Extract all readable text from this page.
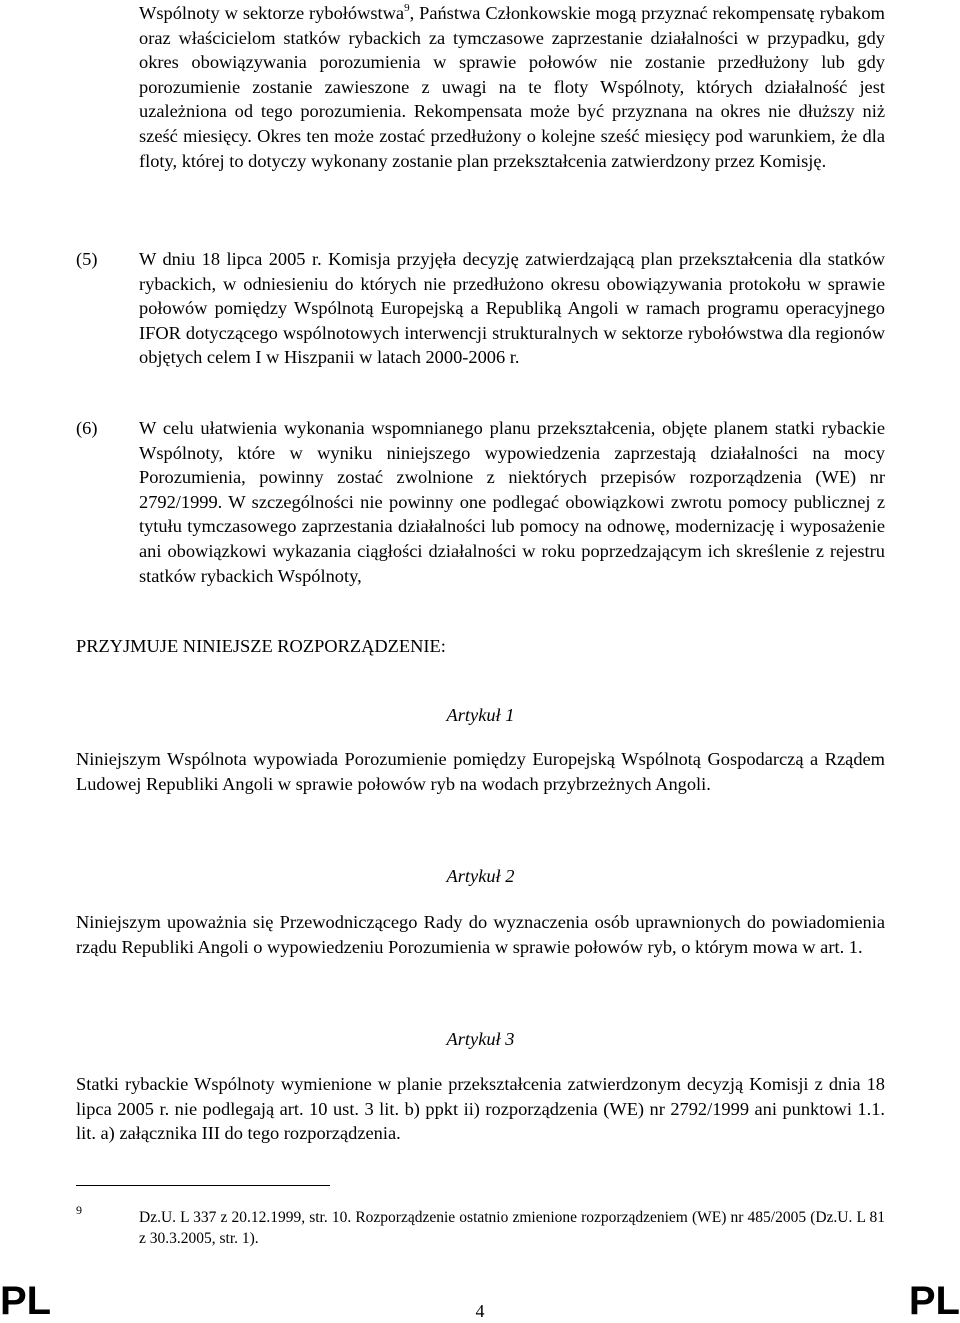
Wspólnoty w sektorze rybołówstwa$^9$, Państwa Członkowskie mogą przyznać rekompensatę rybakom oraz właścicielom statków rybackich za tymczasowe zaprzestanie działalności w przypadku, gdy okres obowiązywania porozumienia w sprawie połowów nie zostanie przedłużony lub gdy porozumienie zostanie zawieszone z uwagi na te floty Wspólnoty, których działalność jest uzależniona od tego porozumienia. Rekompensata może być przyznana na okres nie dłuższy niż sześć miesięcy. Okres ten może zostać przedłużony o kolejne sześć miesięcy pod warunkiem, że dla floty, której to dotyczy wykonany zostanie plan przekształcenia zatwierdzony przez Komisję.

(5) W dniu 18 lipca 2005 r. Komisja przyjęła decyzję zatwierdzającą plan przekształcenia dla statków rybackich, w odniesieniu do których nie przedłużono okresu obowiązywania protokołu w sprawie połowów pomiędzy Wspólnotą Europejską a Republiką Angoli w ramach programu operacyjnego IFOR dotyczącego wspólnotowych interwencji strukturalnych w sektorze rybołówstwa dla regionów objętych celem I w Hiszpanii w latach 2000-2006 r.

(6) W celu ułatwienia wykonania wspomnianego planu przekształcenia, objęte planem statki rybackie Wspólnoty, które w wyniku niniejszego wypowiedzenia zaprzestają działalności na mocy Porozumienia, powinny zostać zwolnione z niektórych przepisów rozporządzenia (WE) nr 2792/1999. W szczególności nie powinny one podlegać obowiązkowi zwrotu pomocy publicznej z tytułu tymczasowego zaprzestania działalności lub pomocy na odnowę, modernizację i wyposażenie ani obowiązkowi wykazania ciągłości działalności w roku poprzedzającym ich skreślenie z rejestru statków rybackich Wspólnoty,

PRZYJMUJE NINIEJSZE ROZPORZĄDZENIE:

Artykuł 1

Niniejszym Wspólnota wypowiada Porozumienie pomiędzy Europejską Wspólnotą Gospodarczą a Rządem Ludowej Republiki Angoli w sprawie połowów ryb na wodach przybrzeżnych Angoli.

Artykuł 2

Niniejszym upoważnia się Przewodniczącego Rady do wyznaczenia osób uprawnionych do powiadomienia rządu Republiki Angoli o wypowiedzeniu Porozumienia w sprawie połowów ryb, o którym mowa w art. 1.

Artykuł 3

Statki rybackie Wspólnoty wymienione w planie przekształcenia zatwierdzonym decyzją Komisji z dnia 18 lipca 2005 r. nie podlegają art. 10 ust. 3 lit. b) ppkt ii) rozporządzenia (WE) nr 2792/1999 ani punktowi 1.1. lit. a) załącznika III do tego rozporządzenia.

9	Dz.U. L 337 z 20.12.1999, str. 10. Rozporządzenie ostatnio zmienione rozporządzeniem (WE) nr 485/2005 (Dz.U. L 81 z 30.3.2005, str. 1).

PL	4	PL
